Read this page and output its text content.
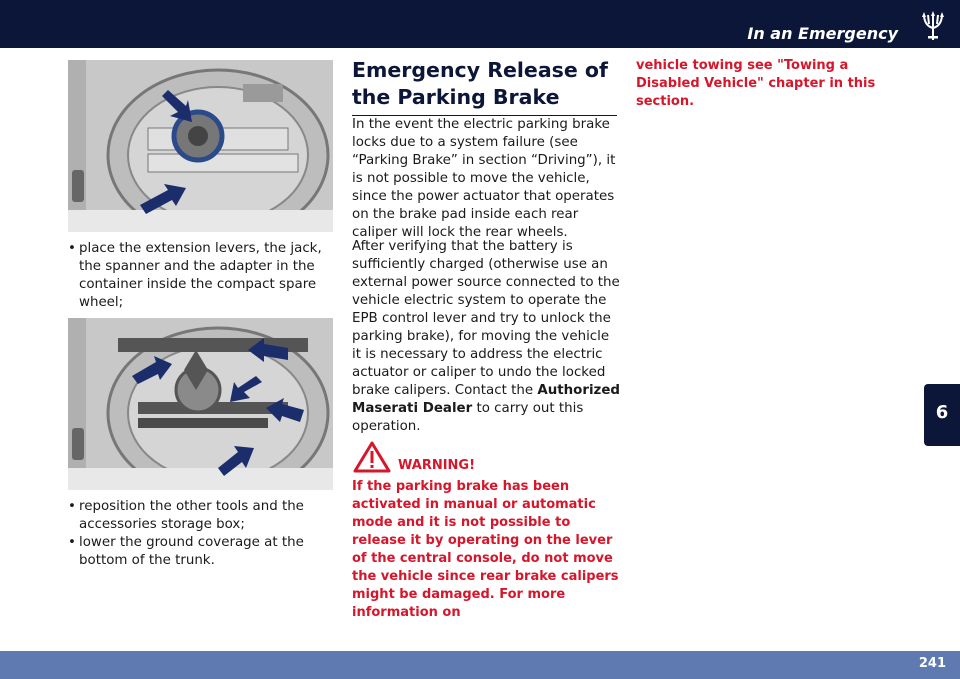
In an Emergency
• place the extension levers, the jack, the spanner and the adapter in the container inside the compact spare wheel;
• reposition the other tools and the accessories storage box;
• lower the ground coverage at the bottom of the trunk.
Emergency Release of the Parking Brake

In the event the electric parking brake locks due to a system failure (see “Parking Brake” in section “Driving”), it is not possible to move the vehicle, since the power actuator that operates on the brake pad inside each rear caliper will lock the rear wheels.

After verifying that the battery is sufficiently charged (otherwise use an external power source connected to the vehicle electric system to operate the EPB control lever and try to unlock the parking brake), for moving the vehicle it is necessary to address the electric actuator or caliper to undo the locked brake calipers. Contact the Authorized Maserati Dealer to carry out this operation.

WARNING!

If the parking brake has been activated in manual or automatic mode and it is not possible to release it by operating on the lever of the central console, do not move the vehicle since rear brake calipers might be damaged. For more information on

vehicle towing see "Towing a Disabled Vehicle" chapter in this section.

6
241
